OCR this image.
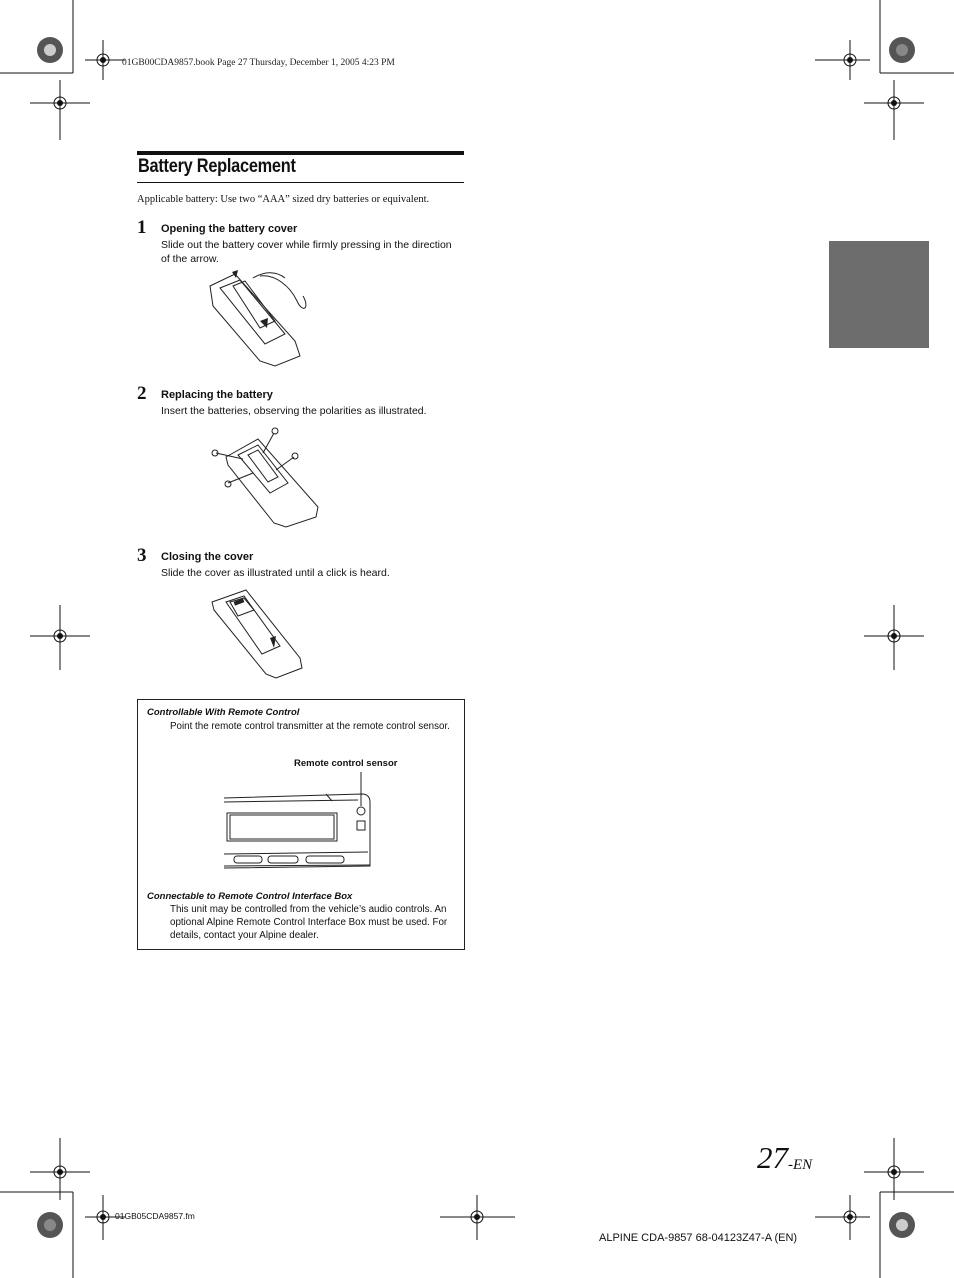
01GB00CDA9857.book Page 27 Thursday, December 1, 2005 4:23 PM
Battery Replacement
Applicable battery: Use two “AAA” sized dry batteries or equivalent.
1 Opening the battery cover
Slide out the battery cover while firmly pressing in the direction of the arrow.
2 Replacing the battery
Insert the batteries, observing the polarities as illustrated.
3 Closing the cover
Slide the cover as illustrated until a click is heard.
Controllable With Remote Control
Point the remote control transmitter at the remote control sensor.
Remote control sensor
Connectable to Remote Control Interface Box
This unit may be controlled from the vehicle’s audio controls. An optional Alpine Remote Control Interface Box must be used. For details, contact your Alpine dealer.
27 -EN
01GB05CDA9857.fm
ALPINE CDA-9857 68-04123Z47-A (EN)
